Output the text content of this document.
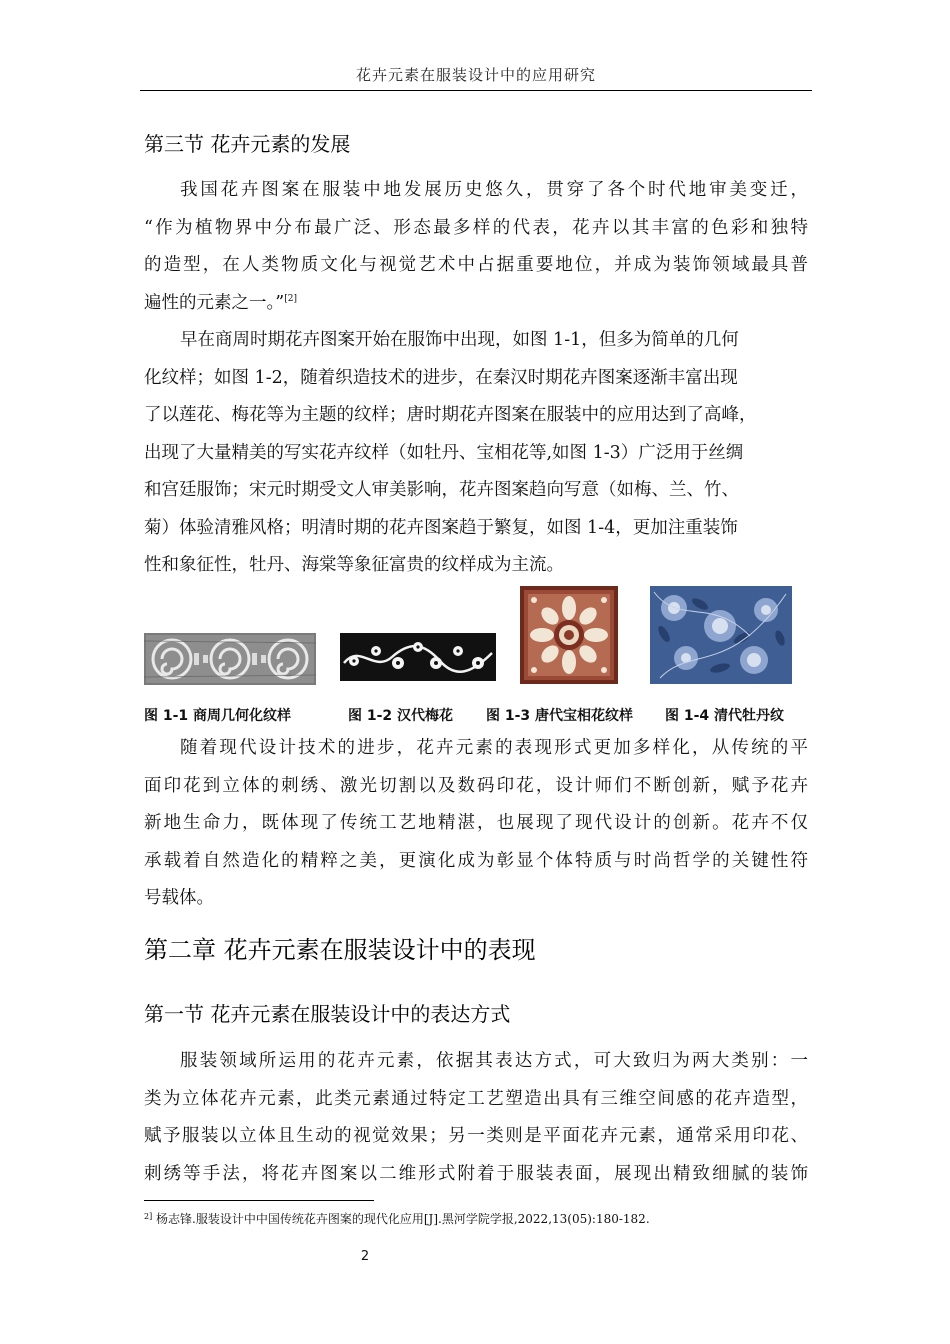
花卉元素在服装设计中的应用研究
第三节 花卉元素的发展
我国花卉图案在服装中地发展历史悠久，贯穿了各个时代地审美变迁，
“作为植物界中分布最广泛、形态最多样的代表，花卉以其丰富的色彩和独特
的造型，在人类物质文化与视觉艺术中占据重要地位，并成为装饰领域最具普
遍性的元素之一。”[2]
早在商周时期花卉图案开始在服饰中出现，如图 1-1，但多为简单的几何
化纹样；如图 1-2，随着织造技术的进步，在秦汉时期花卉图案逐渐丰富出现
了以莲花、梅花等为主题的纹样；唐时期花卉图案在服装中的应用达到了高峰，
出现了大量精美的写实花卉纹样（如牡丹、宝相花等,如图 1-3）广泛用于丝绸
和宫廷服饰；宋元时期受文人审美影响，花卉图案趋向写意（如梅、兰、竹、
菊）体验清雅风格；明清时期的花卉图案趋于繁复，如图 1-4，更加注重装饰
性和象征性，牡丹、海棠等象征富贵的纹样成为主流。
图 1-1 商周几何化纹样	图 1-2 汉代梅花 图 1-3 唐代宝相花纹样 图 1-4 清代牡丹纹
随着现代设计技术的进步，花卉元素的表现形式更加多样化，从传统的平
面印花到立体的刺绣、激光切割以及数码印花，设计师们不断创新，赋予花卉
新地生命力，既体现了传统工艺地精湛，也展现了现代设计的创新。花卉不仅
承载着自然造化的精粹之美，更演化成为彰显个体特质与时尚哲学的关键性符
号载体。
第二章 花卉元素在服装设计中的表现
第一节 花卉元素在服装设计中的表达方式
服装领域所运用的花卉元素，依据其表达方式，可大致归为两大类别：一
类为立体花卉元素，此类元素通过特定工艺塑造出具有三维空间感的花卉造型，
赋予服装以立体且生动的视觉效果；另一类则是平面花卉元素，通常采用印花、
刺绣等手法，将花卉图案以二维形式附着于服装表面，展现出精致细腻的装饰
$^{2]}$ 杨志锋.服装设计中中国传统花卉图案的现代化应用[J].黑河学院学报,2022,13(05):180-182.
2
